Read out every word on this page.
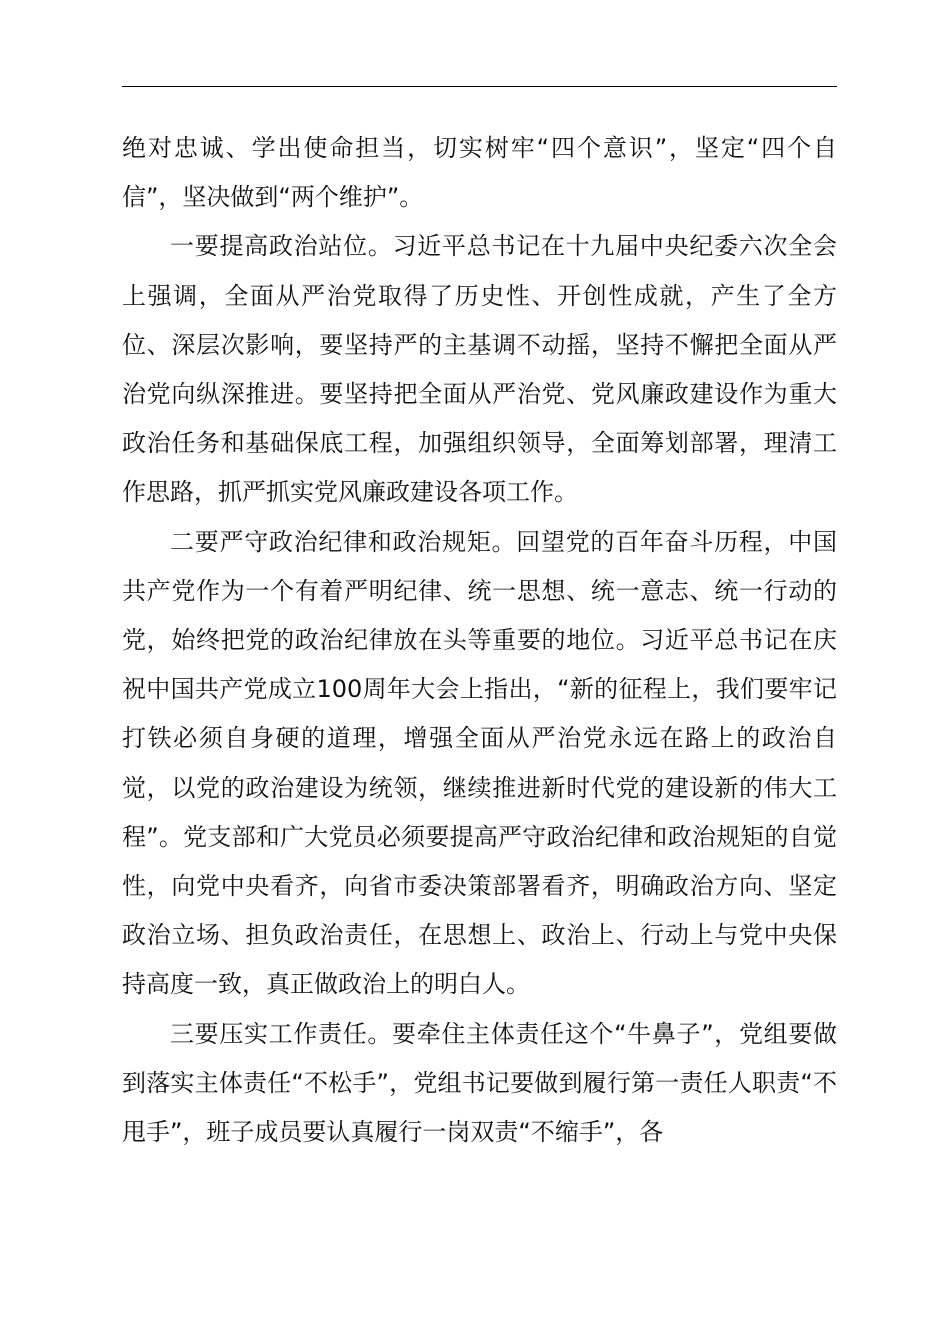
绝对忠诚、学出使命担当，切实树牢“四个意识”，坚定“四个自信”，坚决做到“两个维护”。

一要提高政治站位。习近平总书记在十九届中央纪委六次全会上强调，全面从严治党取得了历史性、开创性成就，产生了全方位、深层次影响，要坚持严的主基调不动摇，坚持不懈把全面从严治党向纵深推进。要坚持把全面从严治党、党风廉政建设作为重大政治任务和基础保底工程，加强组织领导，全面筹划部署，理清工作思路，抓严抓实党风廉政建设各项工作。

二要严守政治纪律和政治规矩。回望党的百年奋斗历程，中国共产党作为一个有着严明纪律、统一思想、统一意志、统一行动的党，始终把党的政治纪律放在头等重要的地位。习近平总书记在庆祝中国共产党成立100周年大会上指出，“新的征程上，我们要牢记打铁必须自身硬的道理，增强全面从严治党永远在路上的政治自觉，以党的政治建设为统领，继续推进新时代党的建设新的伟大工程”。党支部和广大党员必须要提高严守政治纪律和政治规矩的自觉性，向党中央看齐，向省市委决策部署看齐，明确政治方向、坚定政治立场、担负政治责任，在思想上、政治上、行动上与党中央保持高度一致，真正做政治上的明白人。

三要压实工作责任。要牵住主体责任这个“牛鼻子”，党组要做到落实主体责任“不松手”，党组书记要做到履行第一责任人职责“不甩手”，班子成员要认真履行一岗双责“不缩手”，各
